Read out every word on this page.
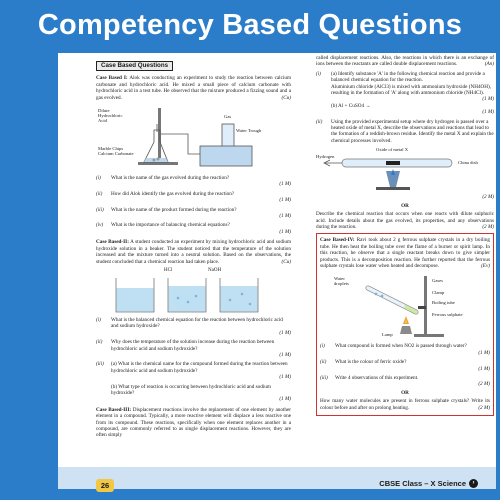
Competency Based Questions
Case Based Questions

Case Based I: Alok was conducting an experiment to study the reaction between calcium carbonate and hydrochloric acid. He mixed a small piece of calcium carbonate with hydrochloric acid in a test tube. He observed that the mixture produced a fizzing sound and a gas evolved.	(Cu)

Dilute Hydrochloric Acid
Gas
Water Trough
Marble Chips Calcium Carbonate
(i)	What is the name of the gas evolved during the reaction?
(1 M)
(ii)	How did Alok identify the gas evolved during the reaction?
(1 M)
(iii)	What is the name of the product formed during the reaction?
(1 M)
(iv)	What is the importance of balancing chemical equations?
(1 M)

Case Based-II: A student conducted an experiment by mixing hydrochloric acid and sodium hydroxide solution in a beaker. The student noticed that the temperature of the solution increased and the mixture turned into a neutral solution. Based on the observations, the student concluded that a chemical reaction had taken place.	(Cu)

HCl	NaOH
(i)	What is the balanced chemical equation for the reaction between hydrochloric acid and sodium hydroxide?
(1 M)
(ii)	Why does the temperature of the solution increase during the reaction between hydrochloric acid and sodium hydroxide?
(1 M)
(iii)	(a) What is the chemical name for the compound formed during the reaction between hydrochloric acid and sodium hydroxide?
(1 M)
(b) What type of reaction is occurring between hydrochloric acid and sodium hydroxide?
(1 M)

Case Based-III: Displacement reactions involve the replacement of one element by another element in a compound. Typically, a more reactive element will displace a less reactive one from its compound. These reactions, specifically when one element replaces another in a compound, are commonly referred to as single displacement reactions. However, they are often simply

called displacement reactions. Also, the reactions in which there is an exchange of ions between the reactants are called double displacement reactions.	(An)

(i)	(a) Identify substance 'A' in the following chemical reaction and provide a balanced chemical equation for the reaction.
Aluminium chloride (AlCl3) is mixed with ammonium hydroxide (NH4OH), resulting in the formation of 'A' along with ammonium chloride (NH4Cl).
(1 M)
(b) Al + CuSO4 →
(1 M)
(ii)	Using the provided experimental setup where dry hydrogen is passed over a heated oxide of metal X, describe the observations and reactions that lead to the formation of a reddish-brown residue. Identify the metal X and explain the chemical processes involved.
Oxide of metal X
Hydrogen
China dish
(2 M)
OR

Describe the chemical reaction that occurs when one reacts with dilute sulphuric acid. Include details about the gas evolved, its properties, and any observations during the reaction.	(2 M)

Case Based-IV: Ravi took about 2 g ferrous sulphate crystals in a dry boiling tube. He then heat the boiling tube over the flame of a burner or spirit lamp. In this reaction, he observe that a single reactant breaks down to give simpler products. This is a decomposition reaction. He further reported that the ferrous sulphate crystals lose water when heated and decompose.	(Ev)

Water droplets
Gases
Clamp
Boiling tube
Ferrous sulphate
Lamp
(i)	What compound is formed when NO2 is passed through water?
(1 M)
(ii)	What is the colour of ferric oxide?
(1 M)
(iii)	Write 4 observations of this experiment.
(2 M)
OR

How many water molecules are present in ferrous sulphate crystals? Write its colour before and after on prolong heating.	(2 M)

26	CBSE Class – X Science	›
